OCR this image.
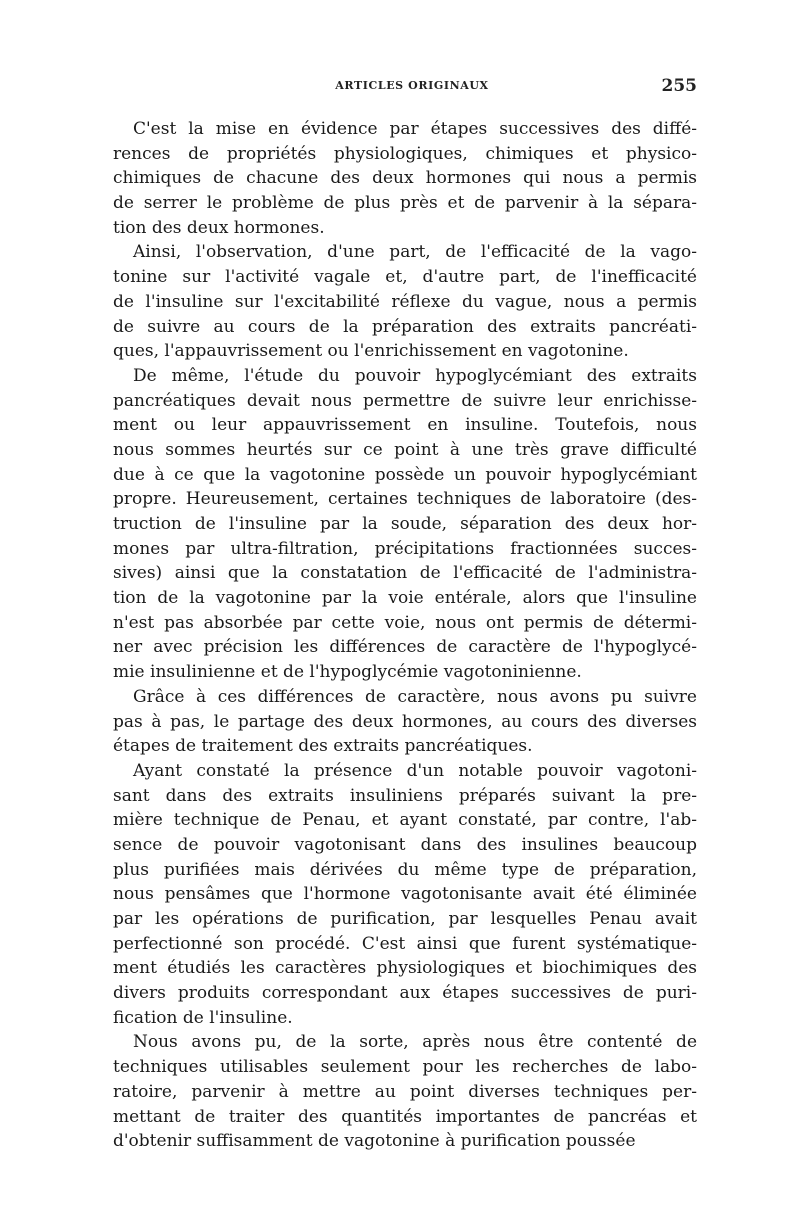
ARTICLES ORIGINAUX	255
C'est la mise en évidence par étapes successives des diffé-
rences de propriétés physiologiques, chimiques et physico-
chimiques de chacune des deux hormones qui nous a permis
de serrer le problème de plus près et de parvenir à la sépara-
tion des deux hormones.
Ainsi, l'observation, d'une part, de l'efficacité de la vago-
tonine sur l'activité vagale et, d'autre part, de l'inefficacité
de l'insuline sur l'excitabilité réflexe du vague, nous a permis
de suivre au cours de la préparation des extraits pancréati-
ques, l'appauvrissement ou l'enrichissement en vagotonine.
De même, l'étude du pouvoir hypoglycémiant des extraits
pancréatiques devait nous permettre de suivre leur enrichisse-
ment ou leur appauvrissement en insuline. Toutefois, nous
nous sommes heurtés sur ce point à une très grave difficulté
due à ce que la vagotonine possède un pouvoir hypoglycémiant
propre. Heureusement, certaines techniques de laboratoire (des-
truction de l'insuline par la soude, séparation des deux hor-
mones par ultra-filtration, précipitations fractionnées succes-
sives) ainsi que la constatation de l'efficacité de l'administra-
tion de la vagotonine par la voie entérale, alors que l'insuline
n'est pas absorbée par cette voie, nous ont permis de détermi-
ner avec précision les différences de caractère de l'hypoglycé-
mie insulinienne et de l'hypoglycémie vagotoninienne.
Grâce à ces différences de caractère, nous avons pu suivre
pas à pas, le partage des deux hormones, au cours des diverses
étapes de traitement des extraits pancréatiques.
Ayant constaté la présence d'un notable pouvoir vagotoni-
sant dans des extraits insuliniens préparés suivant la pre-
mière technique de Penau, et ayant constaté, par contre, l'ab-
sence de pouvoir vagotonisant dans des insulines beaucoup
plus purifiées mais dérivées du même type de préparation,
nous pensâmes que l'hormone vagotonisante avait été éliminée
par les opérations de purification, par lesquelles Penau avait
perfectionné son procédé. C'est ainsi que furent systématique-
ment étudiés les caractères physiologiques et biochimiques des
divers produits correspondant aux étapes successives de puri-
fication de l'insuline.
Nous avons pu, de la sorte, après nous être contenté de
techniques utilisables seulement pour les recherches de labo-
ratoire, parvenir à mettre au point diverses techniques per-
mettant de traiter des quantités importantes de pancréas et
d'obtenir suffisamment de vagotonine à purification poussée
